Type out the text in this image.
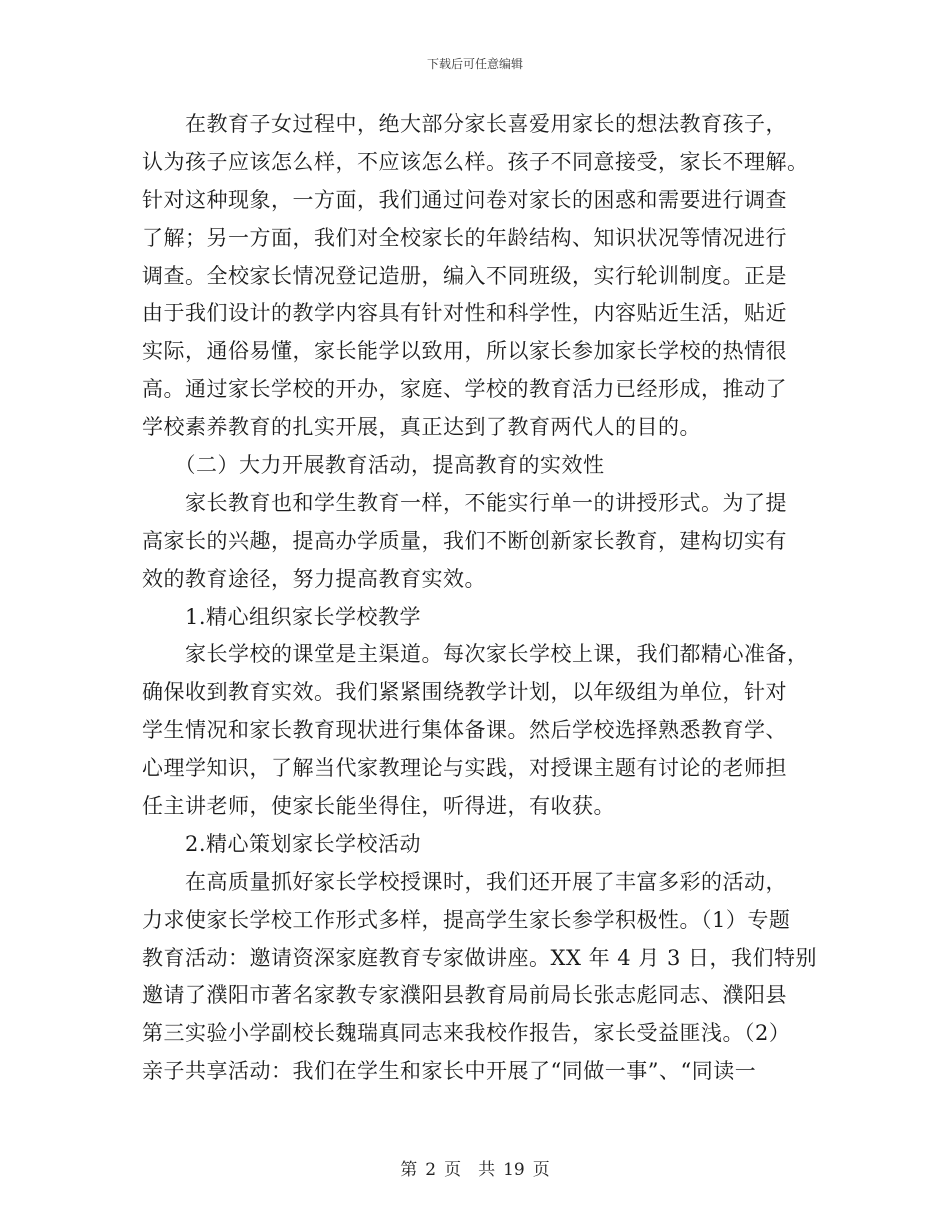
下载后可任意编辑
　　在教育子女过程中，绝大部分家长喜爱用家长的想法教育孩子，
认为孩子应该怎么样，不应该怎么样。孩子不同意接受，家长不理解。
针对这种现象，一方面，我们通过问卷对家长的困惑和需要进行调查
了解；另一方面，我们对全校家长的年龄结构、知识状况等情况进行
调查。全校家长情况登记造册，编入不同班级，实行轮训制度。正是
由于我们设计的教学内容具有针对性和科学性，内容贴近生活，贴近
实际，通俗易懂，家长能学以致用，所以家长参加家长学校的热情很
高。通过家长学校的开办，家庭、学校的教育活力已经形成，推动了
学校素养教育的扎实开展，真正达到了教育两代人的目的。
　　（二）大力开展教育活动，提高教育的实效性
　　家长教育也和学生教育一样，不能实行单一的讲授形式。为了提
高家长的兴趣，提高办学质量，我们不断创新家长教育，建构切实有
效的教育途径，努力提高教育实效。
　　1.精心组织家长学校教学
　　家长学校的课堂是主渠道。每次家长学校上课，我们都精心准备，
确保收到教育实效。我们紧紧围绕教学计划，以年级组为单位，针对
学生情况和家长教育现状进行集体备课。然后学校选择熟悉教育学、
心理学知识，了解当代家教理论与实践，对授课主题有讨论的老师担
任主讲老师，使家长能坐得住，听得进，有收获。
　　2.精心策划家长学校活动
　　在高质量抓好家长学校授课时，我们还开展了丰富多彩的活动，
力求使家长学校工作形式多样，提高学生家长参学积极性。（1）专题
教育活动：邀请资深家庭教育专家做讲座。XX 年 4 月 3 日，我们特别
邀请了濮阳市著名家教专家濮阳县教育局前局长张志彪同志、濮阳县
第三实验小学副校长魏瑞真同志来我校作报告，家长受益匪浅。（2）
亲子共享活动：我们在学生和家长中开展了“同做一事”、“同读一
第 2 页　共 19 页
